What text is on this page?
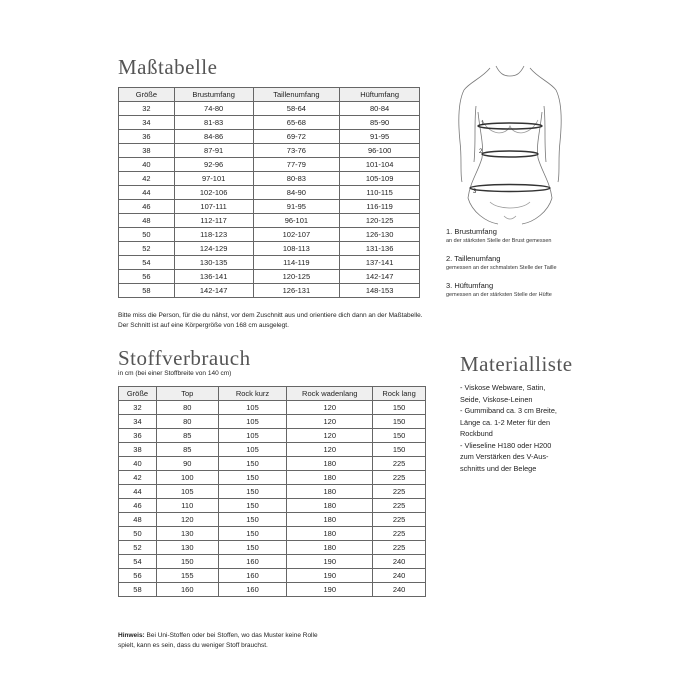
Maßtabelle
Größe	Brustumfang	Taillenumfang	Hüftumfang
32	74-80	58-64	80-84
34	81-83	65-68	85-90
36	84-86	69-72	91-95
38	87-91	73-76	96-100
40	92-96	77-79	101-104
42	97-101	80-83	105-109
44	102-106	84-90	110-115
46	107-111	91-95	116-119
48	112-117	96-101	120-125
50	118-123	102-107	126-130
52	124-129	108-113	131-136
54	130-135	114-119	137-141
56	136-141	120-125	142-147
58	142-147	126-131	148-153

Bitte miss die Person, für die du nähst, vor dem Zuschnitt aus und orientiere dich dann an der Maßtabelle.
Der Schnitt ist auf eine Körpergröße von 168 cm ausgelegt.

1
2
3
1. Brustumfang
an der stärksten Stelle der Brust gemessen
2. Taillenumfang
gemessen an der schmalsten Stelle der Taille
3. Hüftumfang
gemessen an der stärksten Stelle der Hüfte
Stoffverbrauch

in cm (bei einer Stoffbreite von 140 cm)

Größe	Top	Rock kurz	Rock wadenlang	Rock lang
32	80	105	120	150
34	80	105	120	150
36	85	105	120	150
38	85	105	120	150
40	90	150	180	225
42	100	150	180	225
44	105	150	180	225
46	110	150	180	225
48	120	150	180	225
50	130	150	180	225
52	130	150	180	225
54	150	160	190	240
56	155	160	190	240
58	160	160	190	240

Hinweis: Bei Uni-Stoffen oder bei Stoffen, wo das Muster keine Rolle
spielt, kann es sein, dass du weniger Stoff brauchst.

Materialliste
- Viskose Webware, Satin,
Seide, Viskose-Leinen
- Gummiband ca. 3 cm Breite,
Länge ca. 1-2 Meter für den
Rockbund
- Vlieseline H180 oder H200
zum Verstärken des V-Aus-
schnitts und der Belege
